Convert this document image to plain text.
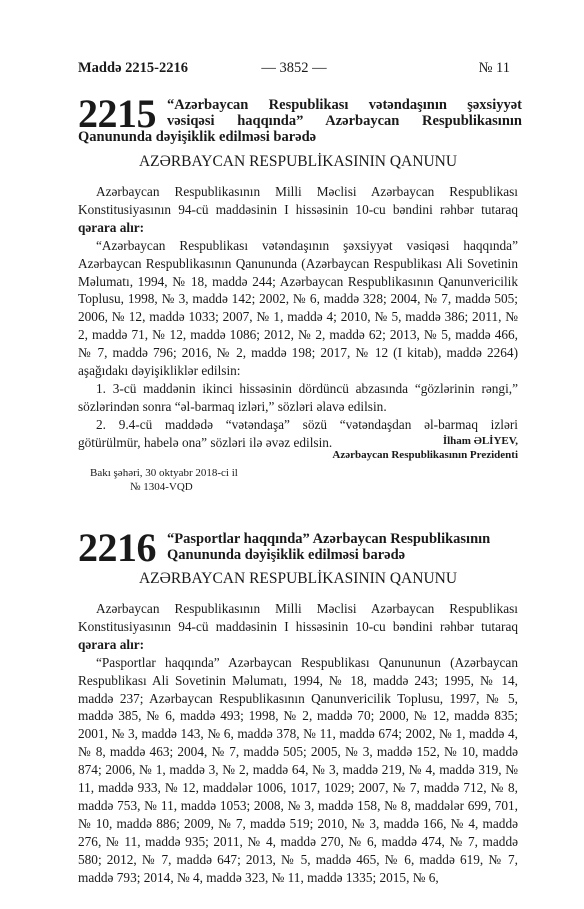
Maddə 2215-2216	— 3852 —	№ 11
2215 “Azərbaycan Respublikası vətəndaşının şəxsiyyət vəsiqəsi haqqında” Azərbaycan Respublikasının
Qanununda dəyişiklik edilməsi barədə
AZƏRBAYCAN RESPUBLİKASININ QANUNU

Azərbaycan Respublikasının Milli Məclisi Azərbaycan Respublikası Konstitusiyasının 94-cü maddəsinin I hissəsinin 10-cu bəndini rəhbər tutaraq qərara alır:

“Azərbaycan Respublikası vətəndaşının şəxsiyyət vəsiqəsi haqqında” Azərbaycan Respublikasının Qanununda (Azərbaycan Respublikası Ali Sovetinin Məlumatı, 1994, № 18, maddə 244; Azərbaycan Respublikasının Qanunvericilik Toplusu, 1998, № 3, maddə 142; 2002, № 6, maddə 328; 2004, № 7, maddə 505; 2006, № 12, maddə 1033; 2007, № 1, maddə 4; 2010, № 5, maddə 386; 2011, № 2, maddə 71, № 12, maddə 1086; 2012, № 2, maddə 62; 2013, № 5, maddə 466, № 7, maddə 796; 2016, № 2, maddə 198; 2017, № 12 (I kitab), maddə 2264) aşağıdakı dəyişikliklər edilsin:

1. 3-cü maddənin ikinci hissəsinin dördüncü abzasında “gözlərinin rəngi,” sözlərindən sonra “əl-barmaq izləri,” sözləri əlavə edilsin.

2. 9.4-cü maddədə “vətəndaşa” sözü “vətəndaşdan əl-barmaq izləri götürülmür, habelə ona” sözləri ilə əvəz edilsin.	İlham ƏLİYEV,
Azərbaycan Respublikasının Prezidenti
Bakı şəhəri, 30 oktyabr 2018-ci il
№ 1304-VQD
2216 “Pasportlar haqqında” Azərbaycan Respublikasının
Qanununda dəyişiklik edilməsi barədə
AZƏRBAYCAN RESPUBLİKASININ QANUNU

Azərbaycan Respublikasının Milli Məclisi Azərbaycan Respublikası Konstitusiyasının 94-cü maddəsinin I hissəsinin 10-cu bəndini rəhbər tutaraq qərara alır:

“Pasportlar haqqında” Azərbaycan Respublikası Qanununun (Azərbaycan Respublikası Ali Sovetinin Məlumatı, 1994, № 18, maddə 243; 1995, № 14, maddə 237; Azərbaycan Respublikasının Qanunvericilik Toplusu, 1997, № 5, maddə 385, № 6, maddə 493; 1998, № 2, maddə 70; 2000, № 12, maddə 835; 2001, № 3, maddə 143, № 6, maddə 378, № 11, maddə 674; 2002, № 1, maddə 4, № 8, maddə 463; 2004, № 7, maddə 505; 2005, № 3, maddə 152, № 10, maddə 874; 2006, № 1, maddə 3, № 2, maddə 64, № 3, maddə 219, № 4, maddə 319, № 11, maddə 933, № 12, maddələr 1006, 1017, 1029; 2007, № 7, maddə 712, № 8, maddə 753, № 11, maddə 1053; 2008, № 3, maddə 158, № 8, maddələr 699, 701, № 10, maddə 886; 2009, № 7, maddə 519; 2010, № 3, maddə 166, № 4, maddə 276, № 11, maddə 935; 2011, № 4, maddə 270, № 6, maddə 474, № 7, maddə 580; 2012, № 7, maddə 647; 2013, № 5, maddə 465, № 6, maddə 619, № 7, maddə 793; 2014, № 4, maddə 323, № 11, maddə 1335; 2015, № 6,
